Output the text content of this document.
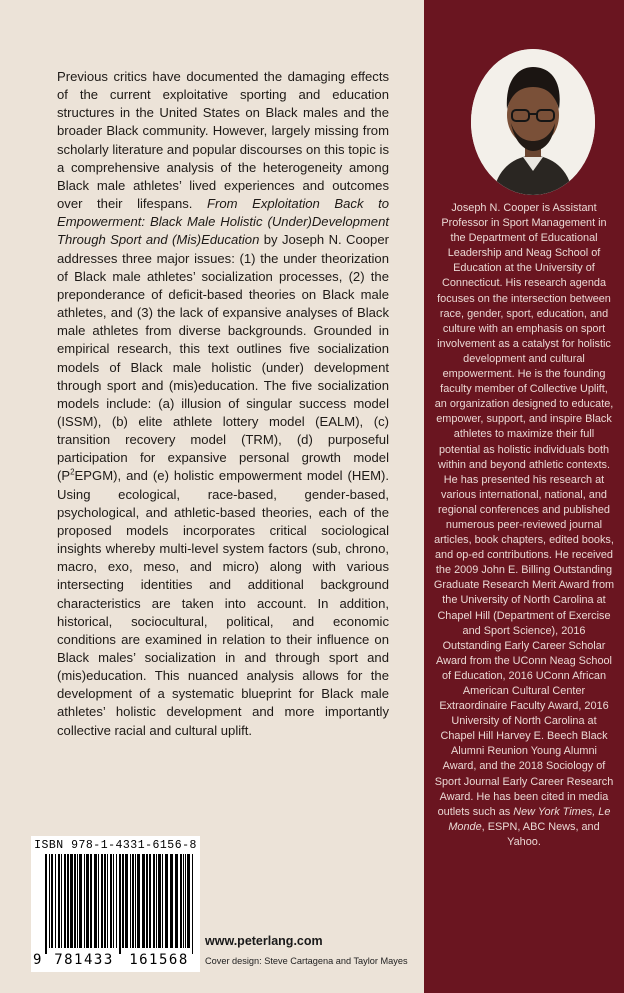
Previous critics have documented the damaging effects of the current exploitative sporting and education structures in the United States on Black males and the broader Black community. However, largely missing from scholarly literature and popular discourses on this topic is a comprehensive analysis of the heterogeneity among Black male athletes’ lived experiences and outcomes over their lifespans. From Exploitation Back to Empowerment: Black Male Holistic (Under)Development Through Sport and (Mis)Education by Joseph N. Cooper addresses three major issues: (1) the under theorization of Black male athletes’ socialization processes, (2) the preponderance of deficit-based theories on Black male athletes, and (3) the lack of expansive analyses of Black male athletes from diverse backgrounds. Grounded in empirical research, this text outlines five socialization models of Black male holistic (under) development through sport and (mis)education. The five socialization models include: (a) illusion of singular success model (ISSM), (b) elite athlete lottery model (EALM), (c) transition recovery model (TRM), (d) purposeful participation for expansive personal growth model $(P^2EPGM)$, and (e) holistic empowerment model (HEM). Using ecological, race-based, gender-based, psychological, and athletic-based theories, each of the proposed models incorporates critical sociological insights whereby multi-level system factors (sub, chrono, macro, exo, meso, and micro) along with various intersecting identities and additional background characteristics are taken into account. In addition, historical, sociocultural, political, and economic conditions are examined in relation to their influence on Black males’ socialization in and through sport and (mis)education. This nuanced analysis allows for the development of a systematic blueprint for Black male athletes’ holistic development and more importantly collective racial and cultural uplift.

Joseph N. Cooper is Assistant Professor in Sport Management in the Department of Educational Leadership and Neag School of Education at the University of Connecticut. His research agenda focuses on the intersection between race, gender, sport, education, and culture with an emphasis on sport involvement as a catalyst for holistic development and cultural empowerment. He is the founding faculty member of Collective Uplift, an organization designed to educate, empower, support, and inspire Black athletes to maximize their full potential as holistic individuals both within and beyond athletic contexts. He has presented his research at various international, national, and regional conferences and published numerous peer-reviewed journal articles, book chapters, edited books, and op-ed contributions. He received the 2009 John E. Billing Outstanding Graduate Research Merit Award from the University of North Carolina at Chapel Hill (Department of Exercise and Sport Science), 2016 Outstanding Early Career Scholar Award from the UConn Neag School of Education, 2016 UConn African American Cultural Center Extraordinaire Faculty Award, 2016 University of North Carolina at Chapel Hill Harvey E. Beech Black Alumni Reunion Young Alumni Award, and the 2018 Sociology of Sport Journal Early Career Research Award. He has been cited in media outlets such as New York Times, Le Monde, ESPN, ABC News, and Yahoo.

ISBN 978-1-4331-6156-8
9 781433	161568
www.peterlang.com
Cover design: Steve Cartagena and Taylor Mayes
